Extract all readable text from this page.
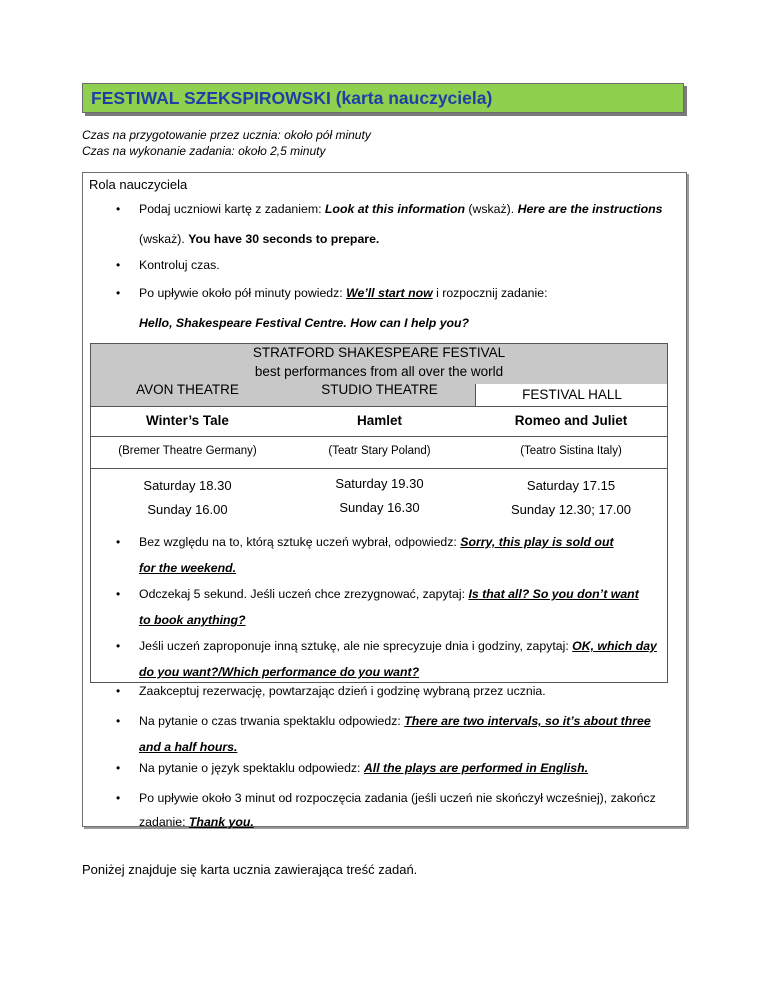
FESTIWAL SZEKSPIROWSKI (karta nauczyciela)
Czas na przygotowanie przez ucznia: około pół minuty
Czas na wykonanie zadania: około 2,5 minuty
Rola nauczyciela
• Podaj uczniowi kartę z zadaniem: Look at this information (wskaż). Here are the instructions
(wskaż). You have 30 seconds to prepare.
• Kontroluj czas.
• Po upływie około pół minuty powiedz: We’ll start now i rozpocznij zadanie:
Hello, Shakespeare Festival Centre. How can I help you?
STRATFORD SHAKESPEARE FESTIVAL
best performances from all over the world
AVON THEATRE	STUDIO THEATRE	FESTIVAL HALL
Winter’s Tale	Hamlet	Romeo and Juliet
(Bremer Theatre Germany)	(Teatr Stary Poland)	(Teatro Sistina Italy)
Saturday 18.30	Saturday 19.30	Saturday 17.15
Sunday 16.00	Sunday 16.30	Sunday 12.30; 17.00
• Bez względu na to, którą sztukę uczeń wybrał, odpowiedz: Sorry, this play is sold out
for the weekend.
• Odczekaj 5 sekund. Jeśli uczeń chce zrezygnować, zapytaj: Is that all? So you don’t want
to book anything?
• Jeśli uczeń zaproponuje inną sztukę, ale nie sprecyzuje dnia i godziny, zapytaj: OK, which day
do you want?/Which performance do you want?
• Zaakceptuj rezerwację, powtarzając dzień i godzinę wybraną przez ucznia.
• Na pytanie o czas trwania spektaklu odpowiedz: There are two intervals, so it’s about three
and a half hours.
• Na pytanie o język spektaklu odpowiedz: All the plays are performed in English.
• Po upływie około 3 minut od rozpoczęcia zadania (jeśli uczeń nie skończył wcześniej), zakończ
zadanie: Thank you.
Poniżej znajduje się karta ucznia zawierająca treść zadań.
